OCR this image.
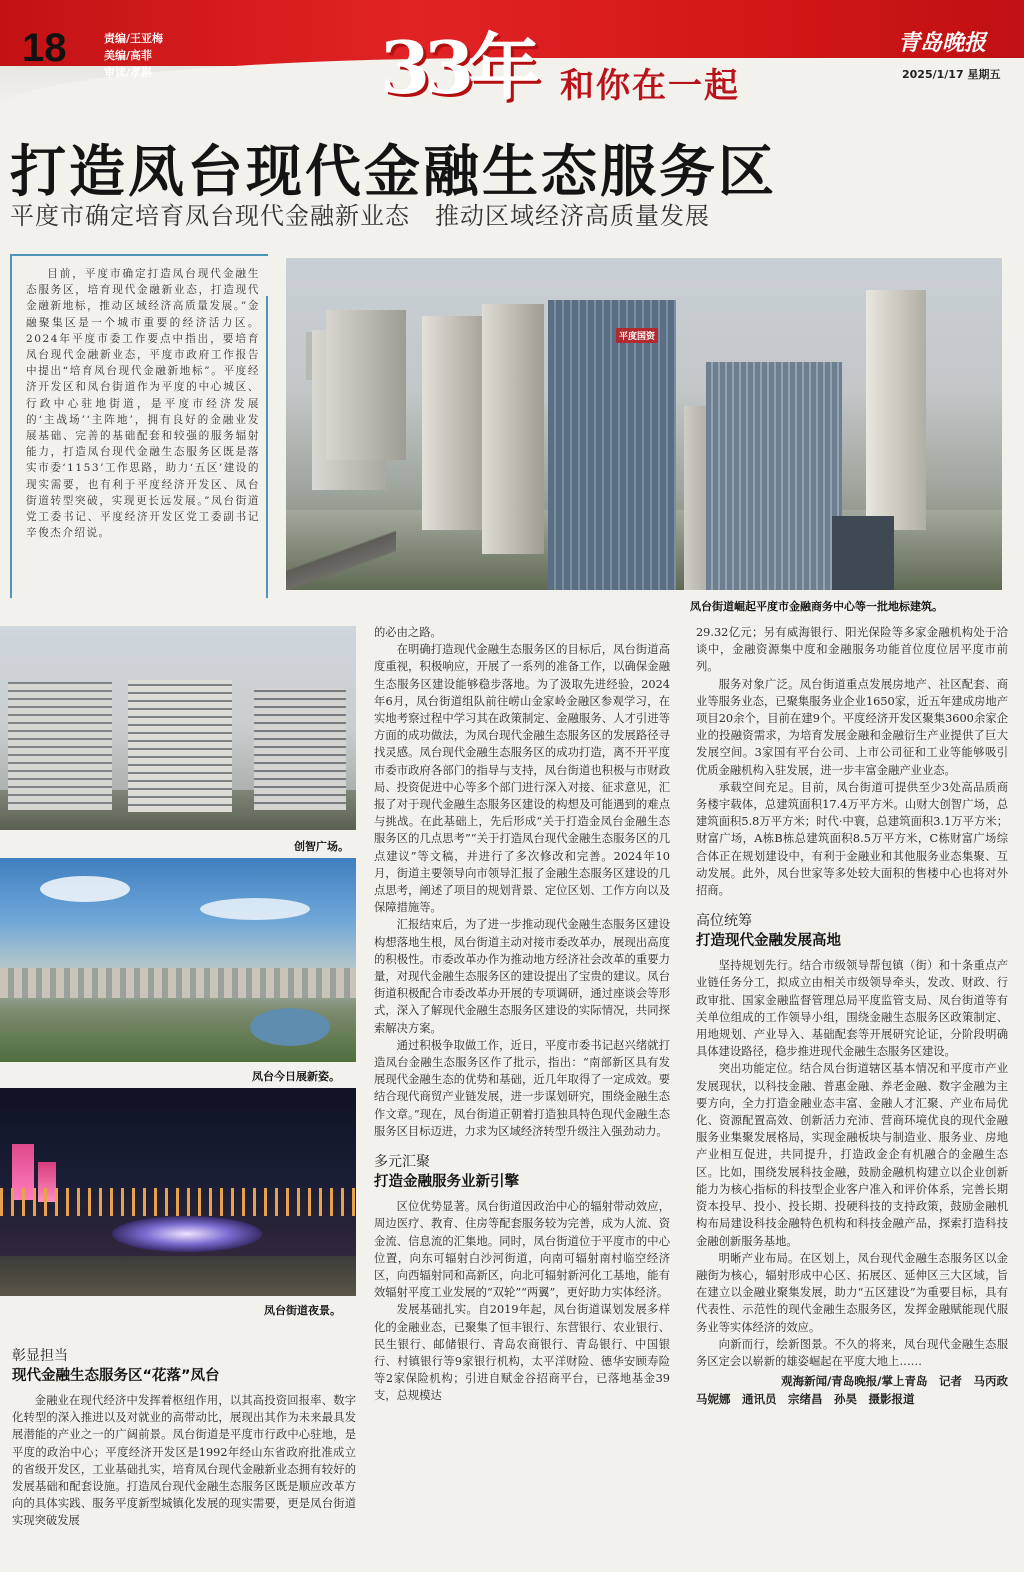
18	责编/王亚梅
美编/高菲
审读/孝斟	33年 和你在一起
青岛晚报
2025/1/17 星期五
打造凤台现代金融生态服务区
平度市确定培育凤台现代金融新业态　推动区域经济高质量发展

目前，平度市确定打造凤台现代金融生态服务区，培育现代金融新业态，打造现代金融新地标，推动区域经济高质量发展。”金融聚集区是一个城市重要的经济活力区。2024年平度市委工作要点中指出，要培育凤台现代金融新业态，平度市政府工作报告中提出“培育凤台现代金融新地标”。平度经济开发区和凤台街道作为平度的中心城区、行政中心驻地街道，是平度市经济发展的‘主战场’‘主阵地’，拥有良好的金融业发展基础、完善的基础配套和较强的服务辐射能力，打造凤台现代金融生态服务区既是落实市委‘1153’工作思路，助力‘五区’建设的现实需要，也有利于平度经济开发区、凤台街道转型突破，实现更长远发展。”凤台街道党工委书记、平度经济开发区党工委副书记辛俊杰介绍说。

平度国资
凤台街道崛起平度市金融商务中心等一批地标建筑。
创智广场。
凤台今日展新姿。
凤台街道夜景。
彰显担当
现代金融生态服务区“花落”凤台

金融业在现代经济中发挥着枢纽作用，以其高投资回报率、数字化转型的深入推进以及对就业的高带动比，展现出其作为未来最具发展潜能的产业之一的广阔前景。凤台街道是平度市行政中心驻地，是平度的政治中心；平度经济开发区是1992年经山东省政府批准成立的省级开发区，工业基础扎实，培育凤台现代金融新业态拥有较好的发展基础和配套设施。打造凤台现代金融生态服务区既是顺应改革方向的具体实践、服务平度新型城镇化发展的现实需要，更是凤台街道实现突破发展

的必由之路。

在明确打造现代金融生态服务区的目标后，凤台街道高度重视，积极响应，开展了一系列的准备工作，以确保金融生态服务区建设能够稳步落地。为了汲取先进经验，2024年6月，凤台街道组队前往崂山金家岭金融区参观学习，在实地考察过程中学习其在政策制定、金融服务、人才引进等方面的成功做法，为凤台现代金融生态服务区的发展路径寻找灵感。凤台现代金融生态服务区的成功打造，离不开平度市委市政府各部门的指导与支持，凤台街道也积极与市财政局、投资促进中心等多个部门进行深入对接、征求意见，汇报了对于现代金融生态服务区建设的构想及可能遇到的难点与挑战。在此基础上，先后形成“关于打造金凤台金融生态服务区的几点思考”“关于打造凤台现代金融生态服务区的几点建议”等文稿，并进行了多次修改和完善。2024年10月，街道主要领导向市领导汇报了金融生态服务区建设的几点思考，阐述了项目的规划背景、定位区划、工作方向以及保障措施等。

汇报结束后，为了进一步推动现代金融生态服务区建设构想落地生根，凤台街道主动对接市委改革办，展现出高度的积极性。市委改革办作为推动地方经济社会改革的重要力量，对现代金融生态服务区的建设提出了宝贵的建议。凤台街道积极配合市委改革办开展的专项调研，通过座谈会等形式，深入了解现代金融生态服务区建设的实际情况，共同探索解决方案。

通过积极争取做工作，近日，平度市委书记赵兴绪就打造凤台金融生态服务区作了批示，指出：“南部新区具有发展现代金融生态的优势和基础，近几年取得了一定成效。要结合现代商贸产业链发展，进一步谋划研究，围绕金融生态作文章。”现在，凤台街道正朝着打造独具特色现代金融生态服务区目标迈进，力求为区域经济转型升级注入强劲动力。

多元汇聚
打造金融服务业新引擎

区位优势显著。凤台街道因政治中心的辐射带动效应，周边医疗、教育、住房等配套服务较为完善，成为人流、资金流、信息流的汇集地。同时，凤台街道位于平度市的中心位置，向东可辐射白沙河街道，向南可辐射南村临空经济区，向西辐射同和高新区，向北可辐射新河化工基地，能有效辐射平度工业发展的“双轮”“两翼”，更好助力实体经济。

发展基础扎实。自2019年起，凤台街道谋划发展多样化的金融业态，已聚集了恒丰银行、东营银行、农业银行、民生银行、邮储银行、青岛农商银行、青岛银行、中国银行、村镇银行等9家银行机构，太平洋财险、德华安顾寿险等2家保险机构；引进自赋金谷招商平台，已落地基金39支，总规模达

29.32亿元；另有威海银行、阳光保险等多家金融机构处于洽谈中，金融资源集中度和金融服务功能首位度位居平度市前列。

服务对象广泛。凤台街道重点发展房地产、社区配套、商业等服务业态，已聚集服务业企业1650家，近五年建成房地产项目20余个，目前在建9个。平度经济开发区聚集3600余家企业的投融资需求，为培育发展金融和金融衍生产业提供了巨大发展空间。3家国有平台公司、上市公司征和工业等能够吸引优质金融机构入驻发展，进一步丰富金融产业业态。

承载空间充足。目前，凤台街道可提供至少3处高品质商务楼宇载体，总建筑面积17.4万平方米。山财大创智广场，总建筑面积5.8万平方米；时代·中寰，总建筑面积3.1万平方米；财富广场，A栋B栋总建筑面积8.5万平方米，C栋财富广场综合体正在规划建设中，有利于金融业和其他服务业态集聚、互动发展。此外，凤台世家等多处较大面积的售楼中心也将对外招商。

高位统筹
打造现代金融发展高地

坚持规划先行。结合市级领导帮包镇（街）和十条重点产业链任务分工，拟成立由相关市级领导牵头，发改、财政、行政审批、国家金融监督管理总局平度监管支局、凤台街道等有关单位组成的工作领导小组，围绕金融生态服务区政策制定、用地规划、产业导入、基础配套等开展研究论证，分阶段明确具体建设路径，稳步推进现代金融生态服务区建设。

突出功能定位。结合凤台街道辖区基本情况和平度市产业发展现状，以科技金融、普惠金融、养老金融、数字金融为主要方向，全力打造金融业态丰富、金融人才汇聚、产业布局优化、资源配置高效、创新活力充沛、营商环境优良的现代金融服务业集聚发展格局，实现金融板块与制造业、服务业、房地产业相互促进，共同提升，打造政金企有机融合的金融生态区。比如，围绕发展科技金融，鼓励金融机构建立以企业创新能力为核心指标的科技型企业客户准入和评价体系，完善长期资本投早、投小、投长期、投硬科技的支持政策，鼓励金融机构布局建设科技金融特色机构和科技金融产品，探索打造科技金融创新服务基地。

明晰产业布局。在区划上，凤台现代金融生态服务区以金融街为核心，辐射形成中心区、拓展区、延伸区三大区域，旨在建立以金融业聚集发展，助力“五区建设”为重要目标，具有代表性、示范性的现代金融生态服务区，发挥金融赋能现代服务业等实体经济的效应。

向新而行，绘新图景。不久的将来，凤台现代金融生态服务区定会以崭新的雄姿崛起在平度大地上……

观海新闻/青岛晚报/掌上青岛　记者　马丙政
马妮娜　通讯员　宗绪昌　孙昊　摄影报道
